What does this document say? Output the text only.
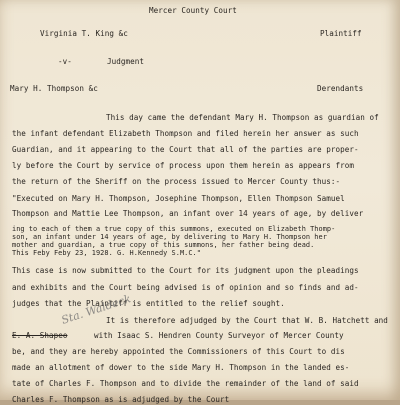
Mercer County Court
Virginia T. King &c	Plaintiff
-v-	Judgment
Mary H. Thompson &c	Derendants
This day came the defendant Mary H. Thompson as guardian of
the infant defendant Elizabeth Thompson and filed herein her answer as such
Guardian, and it appearing to the Court that all of the parties are proper-
ly before the Court by service of process upon them herein as appears from
the return of the Sheriff on the process issued to Mercer County thus:-
"Executed on Mary H. Thompson, Josephine Thompson, Ellen Thompson Samuel
Thompson and Mattie Lee Thompson, an infant over 14 years of age, by deliver
ing to each of them a true copy of this summons, executed on Elizabeth Thomp-
son, an infant under 14 years of age, by delivering to Mary H. Thompson her
mother and guardian, a true copy of this summons, her father being dead.
This Feby Feby 23, 1928. G. H.Kennedy S.M.C."
This case is now submitted to the Court for its judgment upon the pleadings
and exhibits and the Court being advised is of opinion and so finds and ad-
judges that the Plaintiff is entitled to the relief sought.
It is therefore adjudged by the Court that W. B. Hatchett and
E. A. Shapeo	with Isaac S. Hendren County Surveyor of Mercer County
Sta. Waldeck
be, and they are hereby appointed the Commissioners of this Court to dis
made an allotment of dower to the side Mary H. Thompson in the landed es-
tate of Charles F. Thompson and to divide the remainder of the land of said
Charles F. Thompson as is adjudged by the Court
